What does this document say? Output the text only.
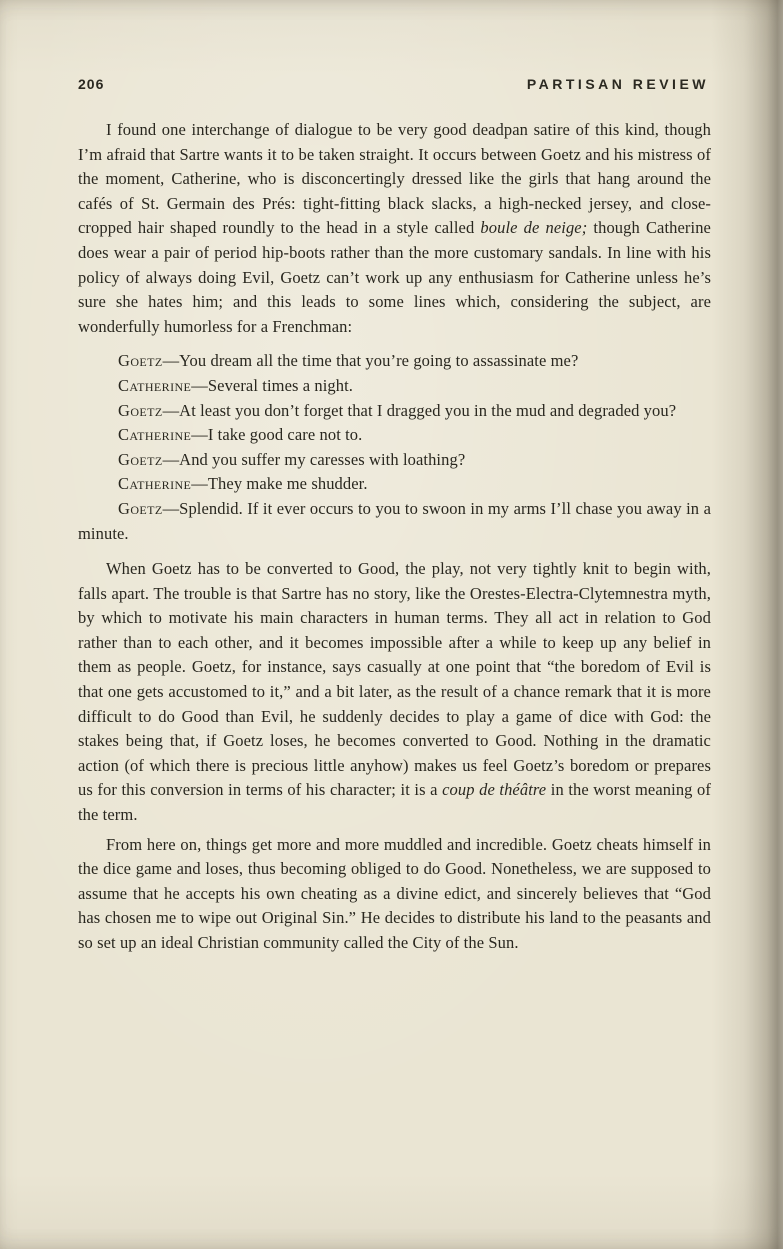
206	PARTISAN REVIEW

I found one interchange of dialogue to be very good deadpan satire of this kind, though I’m afraid that Sartre wants it to be taken straight. It occurs between Goetz and his mistress of the moment, Catherine, who is disconcertingly dressed like the girls that hang around the cafés of St. Germain des Prés: tight-fitting black slacks, a high-necked jersey, and close-cropped hair shaped roundly to the head in a style called boule de neige; though Catherine does wear a pair of period hip-boots rather than the more customary sandals. In line with his policy of always doing Evil, Goetz can’t work up any enthusiasm for Catherine unless he’s sure she hates him; and this leads to some lines which, considering the subject, are wonderfully humorless for a Frenchman:

Goetz—You dream all the time that you’re going to assassinate me?

Catherine—Several times a night.

Goetz—At least you don’t forget that I dragged you in the mud and degraded you?

Catherine—I take good care not to.

Goetz—And you suffer my caresses with loathing?

Catherine—They make me shudder.

Goetz—Splendid. If it ever occurs to you to swoon in my arms I’ll chase you away in a minute.

When Goetz has to be converted to Good, the play, not very tightly knit to begin with, falls apart. The trouble is that Sartre has no story, like the Orestes-Electra-Clytemnestra myth, by which to motivate his main characters in human terms. They all act in relation to God rather than to each other, and it becomes impossible after a while to keep up any belief in them as people. Goetz, for instance, says casually at one point that “the boredom of Evil is that one gets accustomed to it,” and a bit later, as the result of a chance remark that it is more difficult to do Good than Evil, he suddenly decides to play a game of dice with God: the stakes being that, if Goetz loses, he becomes converted to Good. Nothing in the dramatic action (of which there is precious little anyhow) makes us feel Goetz’s boredom or prepares us for this conversion in terms of his character; it is a coup de théâtre in the worst meaning of the term.

From here on, things get more and more muddled and incredible. Goetz cheats himself in the dice game and loses, thus becoming obliged to do Good. Nonetheless, we are supposed to assume that he accepts his own cheating as a divine edict, and sincerely believes that “God has chosen me to wipe out Original Sin.” He decides to distribute his land to the peasants and so set up an ideal Christian community called the City of the Sun.
